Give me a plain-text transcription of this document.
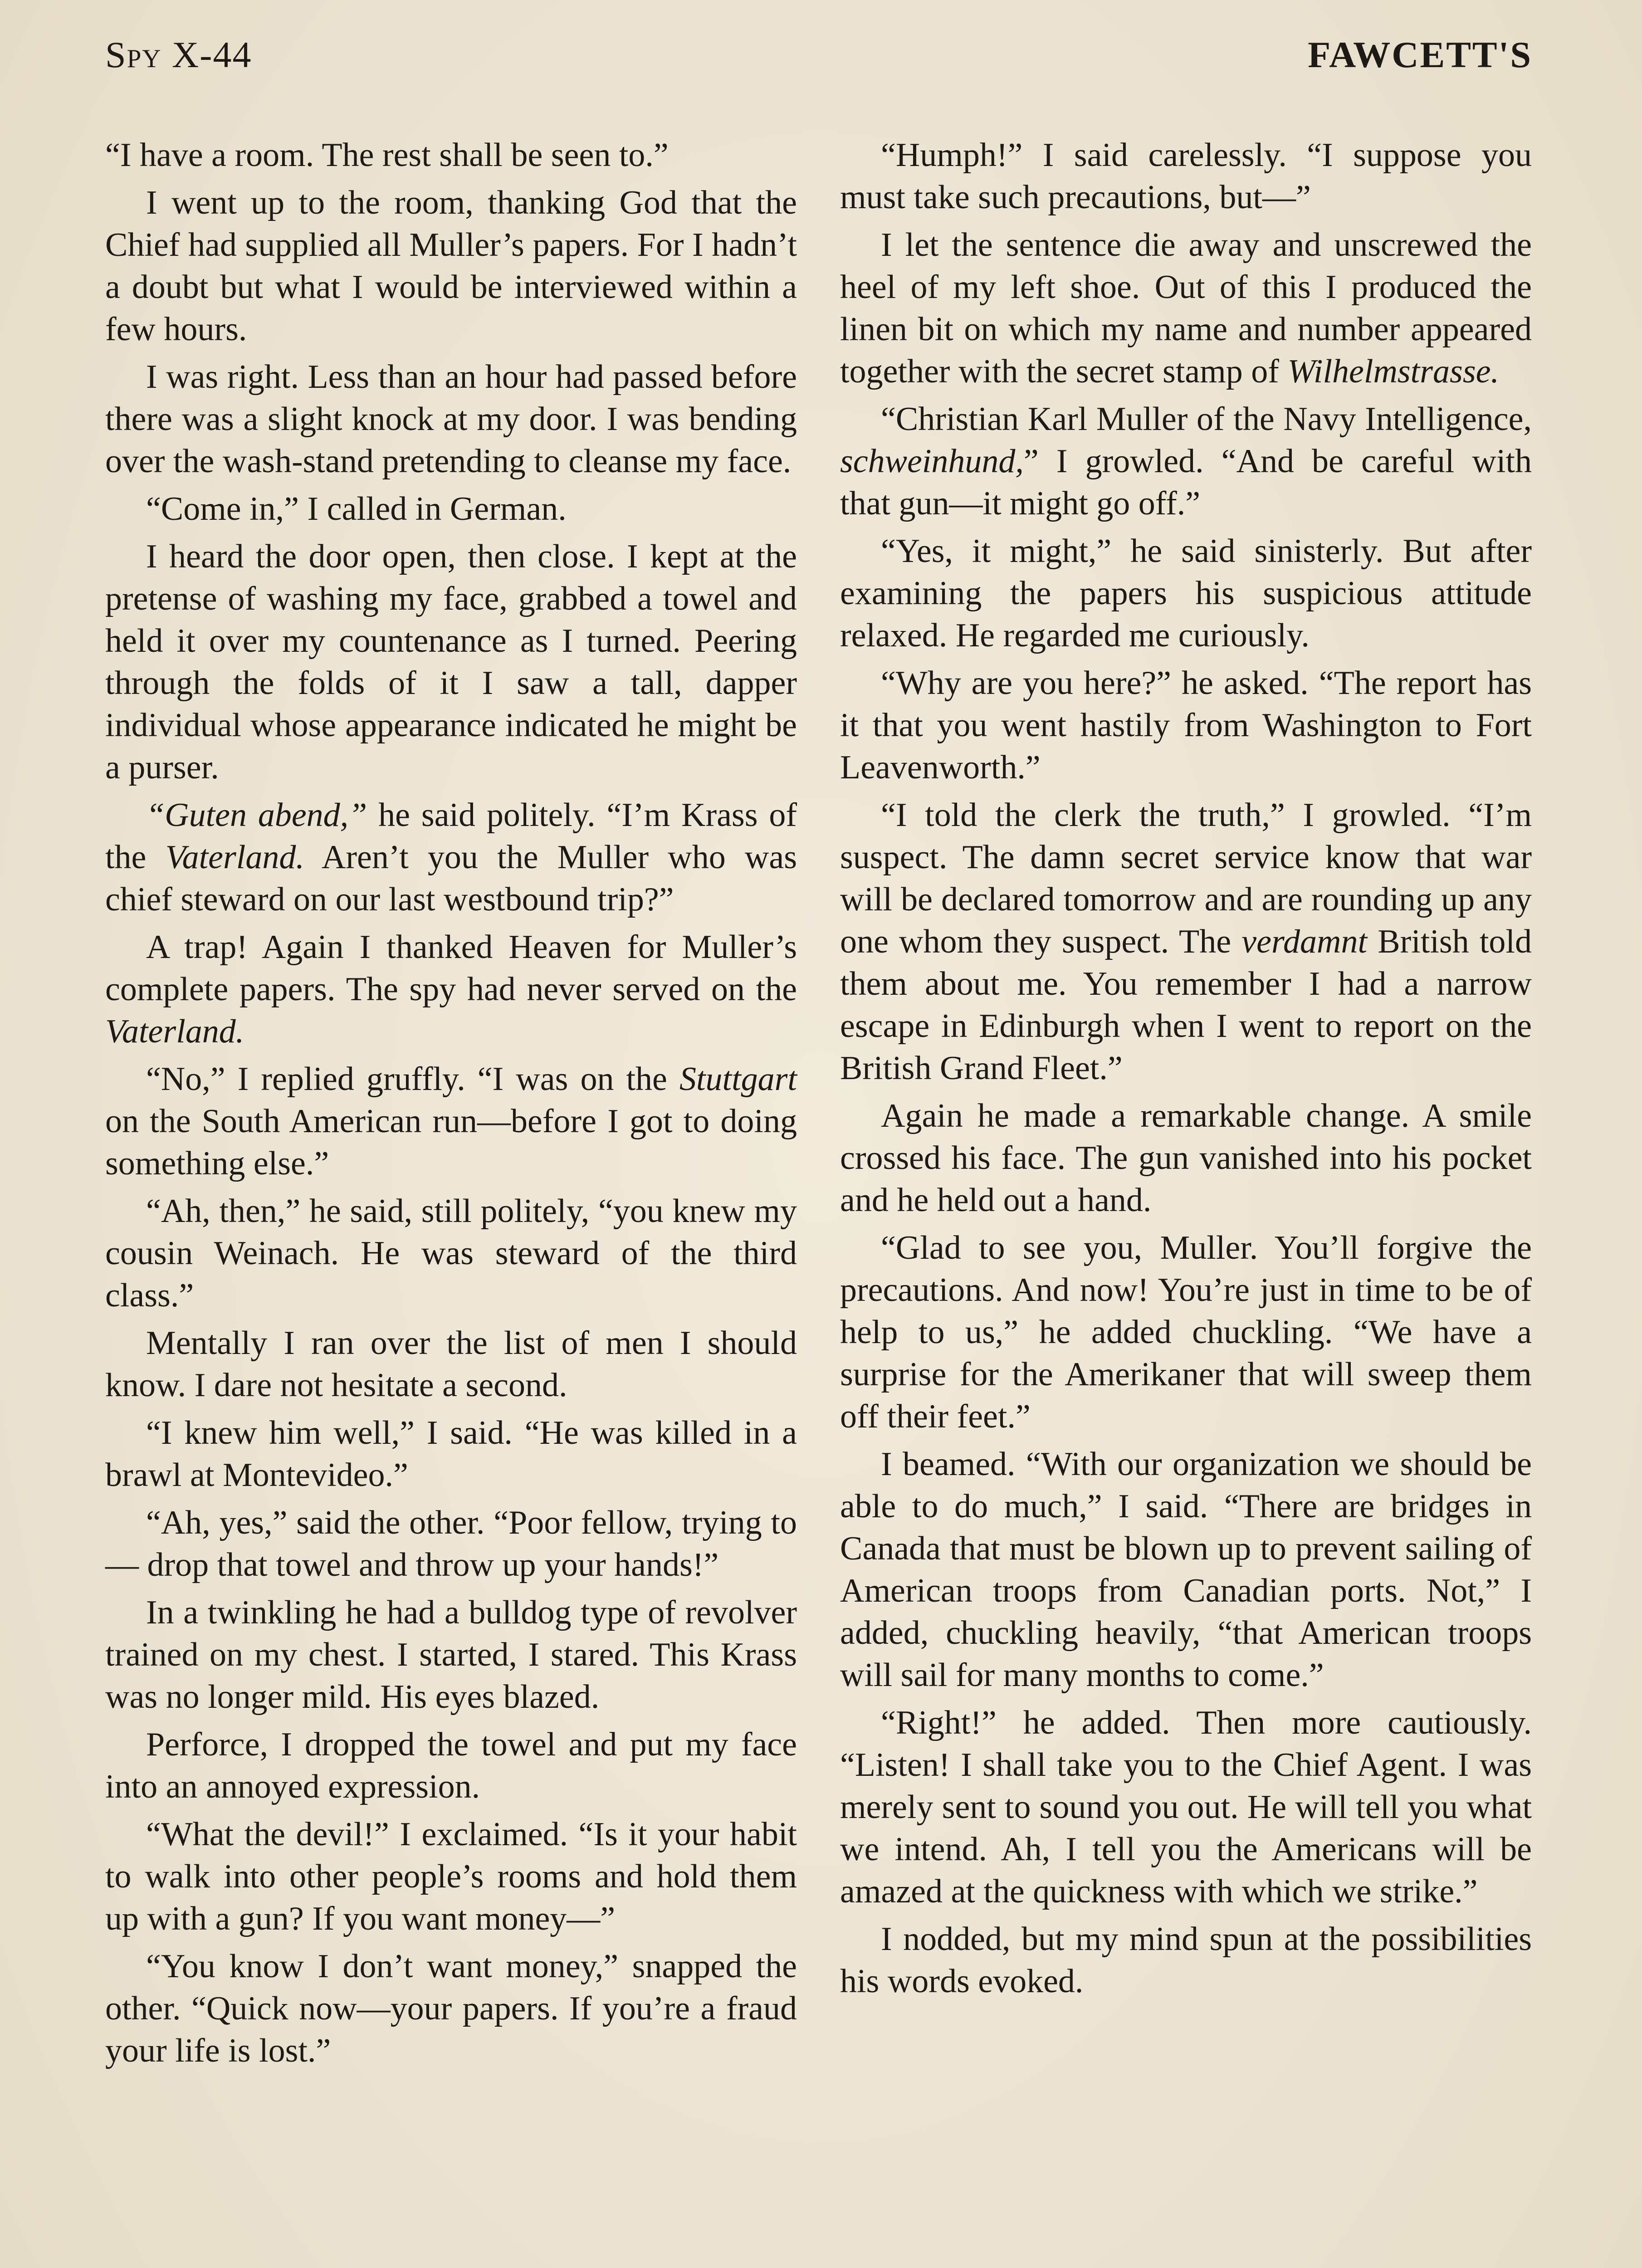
Spy X-44	FAWCETT'S

“I have a room. The rest shall be seen to.”

I went up to the room, thanking God that the Chief had supplied all Muller’s papers. For I hadn’t a doubt but what I would be interviewed within a few hours.

I was right. Less than an hour had passed before there was a slight knock at my door. I was bending over the wash-stand pretending to cleanse my face.

“Come in,” I called in German.

I heard the door open, then close. I kept at the pretense of washing my face, grabbed a towel and held it over my countenance as I turned. Peering through the folds of it I saw a tall, dapper individual whose appearance indicated he might be a purser.

“Guten abend,” he said politely. “I’m Krass of the Vaterland. Aren’t you the Muller who was chief steward on our last westbound trip?”

A trap! Again I thanked Heaven for Muller’s complete papers. The spy had never served on the Vaterland.

“No,” I replied gruffly. “I was on the Stuttgart on the South American run—before I got to doing something else.”

“Ah, then,” he said, still politely, “you knew my cousin Weinach. He was steward of the third class.”

Mentally I ran over the list of men I should know. I dare not hesitate a second.

“I knew him well,” I said. “He was killed in a brawl at Montevideo.”

“Ah, yes,” said the other. “Poor fellow, trying to— drop that towel and throw up your hands!”

In a twinkling he had a bulldog type of revolver trained on my chest. I started, I stared. This Krass was no longer mild. His eyes blazed.

Perforce, I dropped the towel and put my face into an annoyed expression.

“What the devil!” I exclaimed. “Is it your habit to walk into other people’s rooms and hold them up with a gun? If you want money—”

“You know I don’t want money,” snapped the other. “Quick now—your papers. If you’re a fraud your life is lost.”

“Humph!” I said carelessly. “I suppose you must take such precautions, but—”

I let the sentence die away and unscrewed the heel of my left shoe. Out of this I produced the linen bit on which my name and number appeared together with the secret stamp of Wilhelmstrasse.

“Christian Karl Muller of the Navy Intelligence, schweinhund,” I growled. “And be careful with that gun—it might go off.”

“Yes, it might,” he said sinisterly. But after examining the papers his suspicious attitude relaxed. He regarded me curiously.

“Why are you here?” he asked. “The report has it that you went hastily from Washington to Fort Leavenworth.”

“I told the clerk the truth,” I growled. “I’m suspect. The damn secret service know that war will be declared tomorrow and are rounding up any one whom they suspect. The verdamnt British told them about me. You remember I had a narrow escape in Edinburgh when I went to report on the British Grand Fleet.”

Again he made a remarkable change. A smile crossed his face. The gun vanished into his pocket and he held out a hand.

“Glad to see you, Muller. You’ll forgive the precautions. And now! You’re just in time to be of help to us,” he added chuckling. “We have a surprise for the Amerikaner that will sweep them off their feet.”

I beamed. “With our organization we should be able to do much,” I said. “There are bridges in Canada that must be blown up to prevent sailing of American troops from Canadian ports. Not,” I added, chuckling heavily, “that American troops will sail for many months to come.”

“Right!” he added. Then more cautiously. “Listen! I shall take you to the Chief Agent. I was merely sent to sound you out. He will tell you what we intend. Ah, I tell you the Americans will be amazed at the quickness with which we strike.”

I nodded, but my mind spun at the possibilities his words evoked.
